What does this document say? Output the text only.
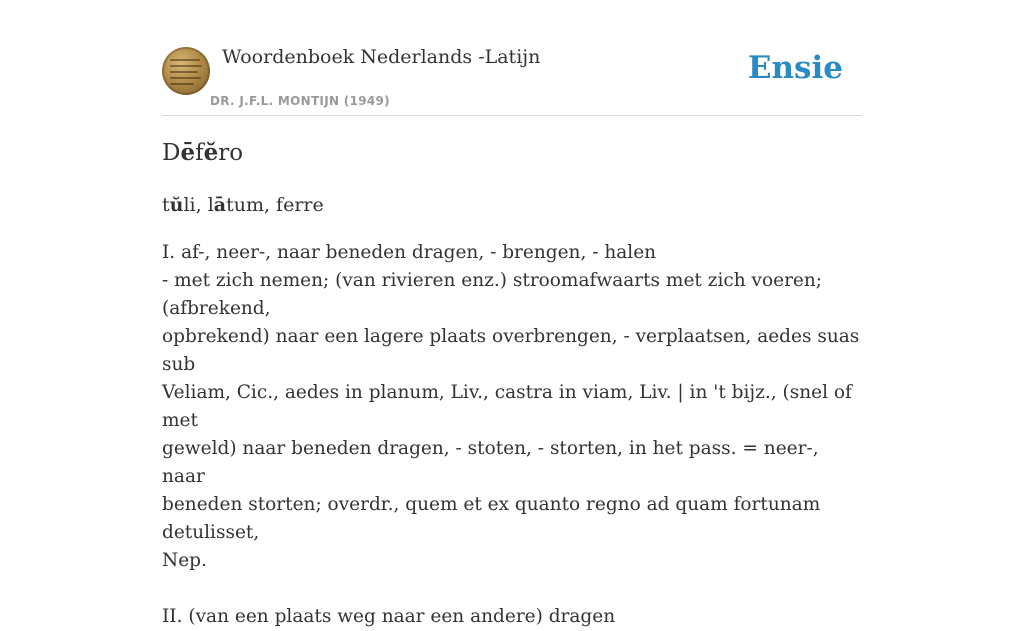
Woordenboek Nederlands -Latijn
DR. J.F.L. MONTIJN (1949)
Ensie
Dēfĕro
tŭli, lātum, ferre

I. af-, neer-, naar beneden dragen, - brengen, - halen

- met zich nemen; (van rivieren enz.) stroomafwaarts met zich voeren; (afbrekend,

opbrekend) naar een lagere plaats overbrengen, - verplaatsen, aedes suas sub

Veliam, Cic., aedes in planum, Liv., castra in viam, Liv. | in 't bijz., (snel of met

geweld) naar beneden dragen, - stoten, - storten, in het pass. = neer-, naar

beneden storten; overdr., quem et ex quanto regno ad quam fortunam detulisset,

Nep.

II. (van een plaats weg naar een andere) dragen
